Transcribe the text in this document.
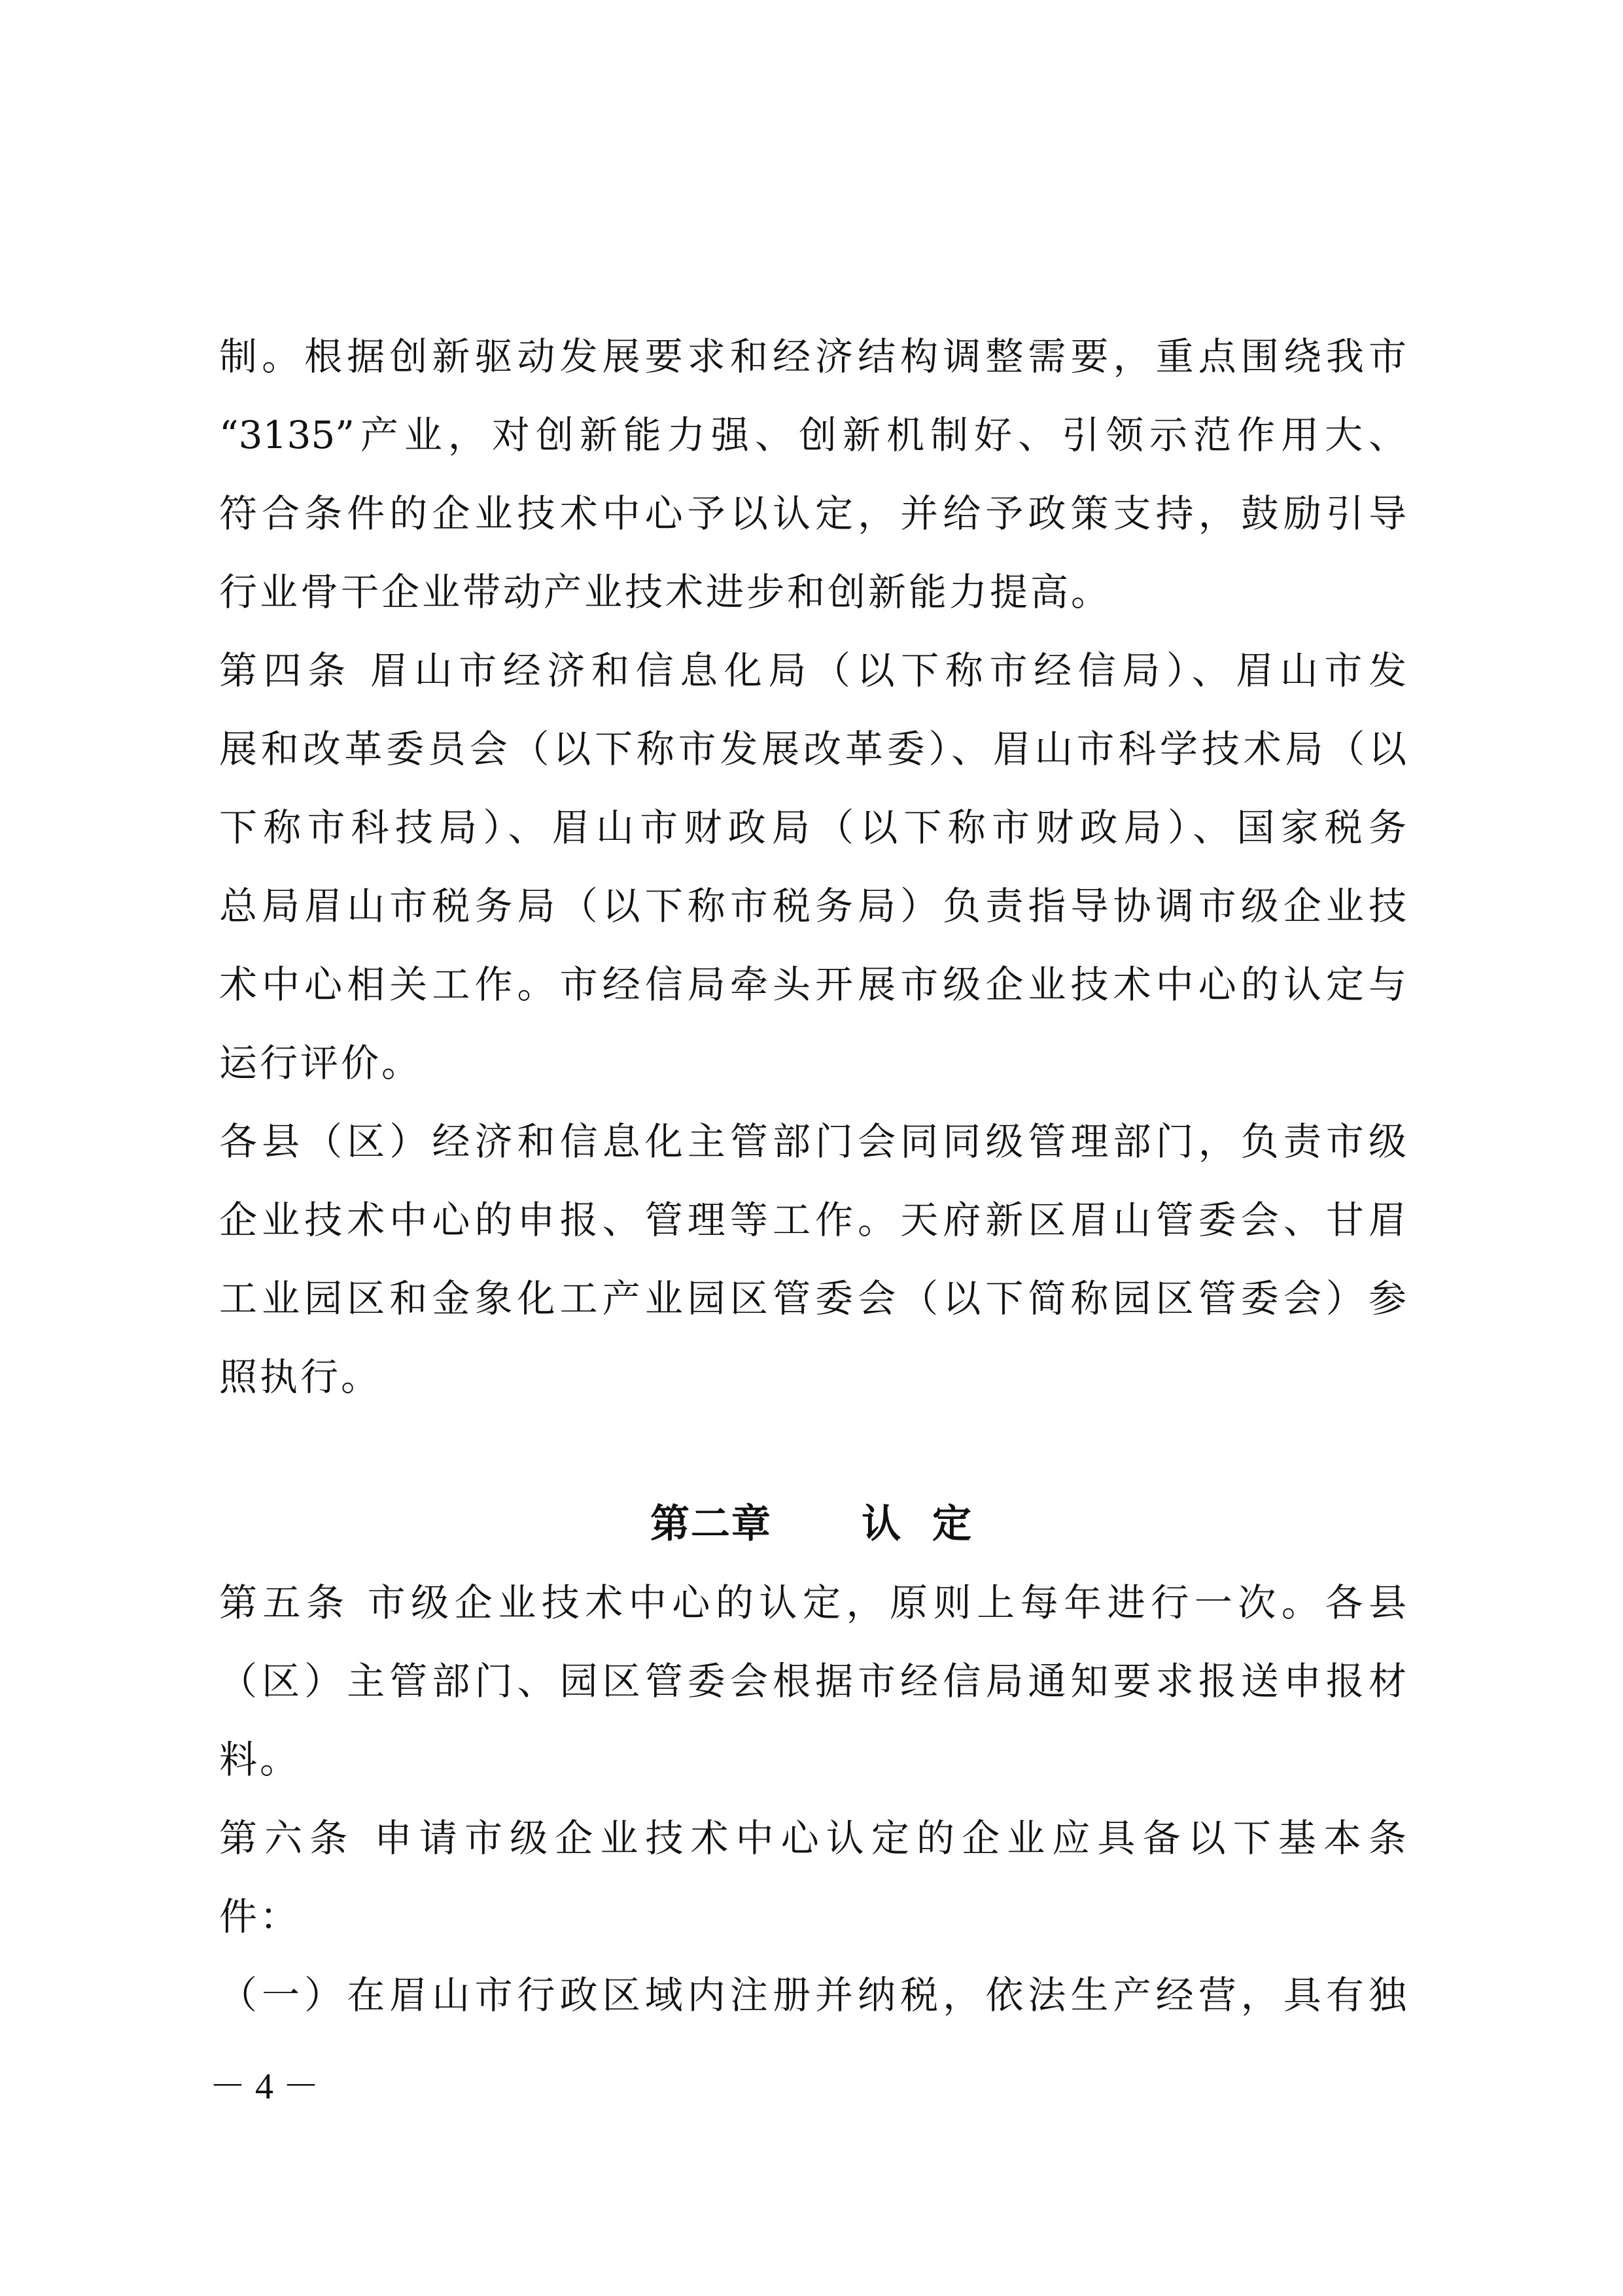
制。根据创新驱动发展要求和经济结构调整需要，重点围绕我市

“3135”产业，对创新能力强、创新机制好、引领示范作用大、

符合条件的企业技术中心予以认定，并给予政策支持，鼓励引导

行业骨干企业带动产业技术进步和创新能力提高。

第四条 眉山市经济和信息化局（以下称市经信局）、眉山市发

展和改革委员会（以下称市发展改革委）、眉山市科学技术局（以

下称市科技局）、眉山市财政局（以下称市财政局）、国家税务

总局眉山市税务局（以下称市税务局）负责指导协调市级企业技

术中心相关工作。市经信局牵头开展市级企业技术中心的认定与

运行评价。

各县（区）经济和信息化主管部门会同同级管理部门，负责市级

企业技术中心的申报、管理等工作。天府新区眉山管委会、甘眉

工业园区和金象化工产业园区管委会（以下简称园区管委会）参

照执行。

第二章      认  定

第五条 市级企业技术中心的认定，原则上每年进行一次。各县

（区）主管部门、园区管委会根据市经信局通知要求报送申报材

料。

第六条 申请市级企业技术中心认定的企业应具备以下基本条

件：

（一）在眉山市行政区域内注册并纳税，依法生产经营，具有独

－ 4 －
